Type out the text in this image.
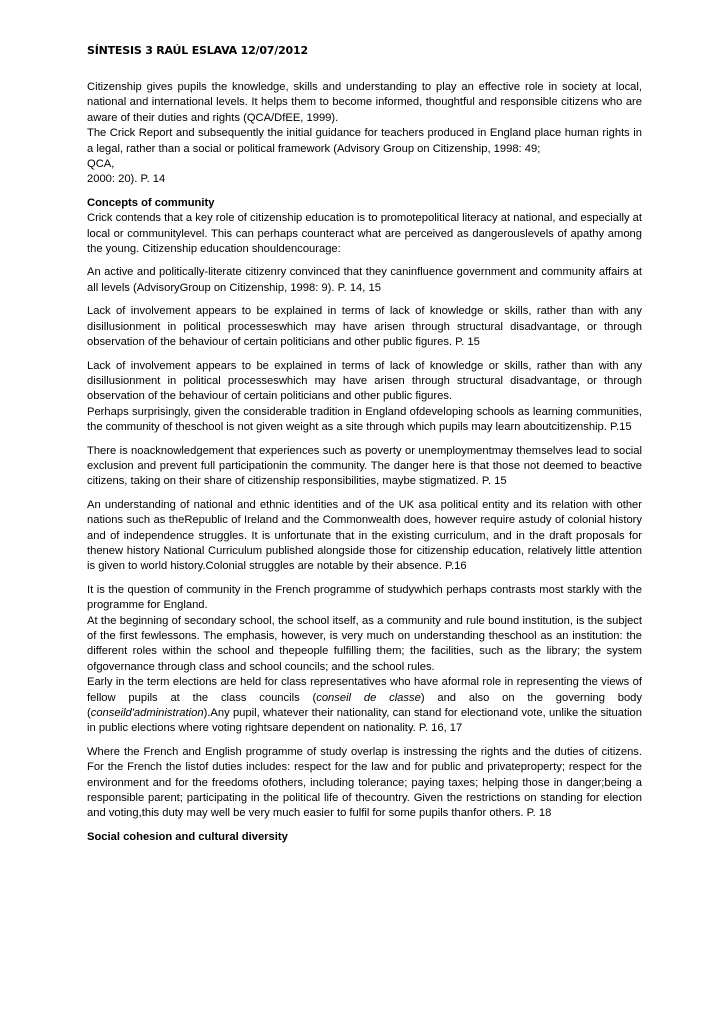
SÍNTESIS 3 RAÚL ESLAVA 12/07/2012

Citizenship gives pupils the knowledge, skills and understanding to play an effective role in society at local, national and international levels. It helps them to become informed, thoughtful and responsible citizens who are aware of their duties and rights (QCA/DfEE, 1999).

The Crick Report and subsequently the initial guidance for teachers produced in England place human rights in a legal, rather than a social or political framework (Advisory Group on Citizenship, 1998: 49;

QCA,

2000: 20). P. 14

Concepts of community

Crick contends that a key role of citizenship education is to promotepolitical literacy at national, and especially at local or communitylevel. This can perhaps counteract what are perceived as dangerouslevels of apathy among the young. Citizenship education shouldencourage:

An active and politically-literate citizenry convinced that they caninfluence government and community affairs at all levels (AdvisoryGroup on Citizenship, 1998: 9). P. 14, 15

Lack of involvement appears to be explained in terms of lack of knowledge or skills, rather than with any disillusionment in political processeswhich may have arisen through structural disadvantage, or through observation of the behaviour of certain politicians and other public figures. P. 15

Lack of involvement appears to be explained in terms of lack of knowledge or skills, rather than with any disillusionment in political processeswhich may have arisen through structural disadvantage, or through observation of the behaviour of certain politicians and other public figures.

Perhaps surprisingly, given the considerable tradition in England ofdeveloping schools as learning communities, the community of theschool is not given weight as a site through which pupils may learn aboutcitizenship. P.15

There is noacknowledgement that experiences such as poverty or unemploymentmay themselves lead to social exclusion and prevent full participationin the community. The danger here is that those not deemed to beactive citizens, taking on their share of citizenship responsibilities, maybe stigmatized. P. 15

An understanding of national and ethnic identities and of the UK asa political entity and its relation with other nations such as theRepublic of Ireland and the Commonwealth does, however require astudy of colonial history and of independence struggles. It is unfortunate that in the existing curriculum, and in the draft proposals for thenew history National Curriculum published alongside those for citizenship education, relatively little attention is given to world history.Colonial struggles are notable by their absence. P.16

It is the question of community in the French programme of studywhich perhaps contrasts most starkly with the programme for England.

At the beginning of secondary school, the school itself, as a community and rule bound institution, is the subject of the first fewlessons. The emphasis, however, is very much on understanding theschool as an institution: the different roles within the school and thepeople fulfilling them; the facilities, such as the library; the system ofgovernance through class and school councils; and the school rules.

Early in the term elections are held for class representatives who have aformal role in representing the views of fellow pupils at the class councils (conseil de classe) and also on the governing body (conseild'administration).Any pupil, whatever their nationality, can stand for electionand vote, unlike the situation in public elections where voting rightsare dependent on nationality. P. 16, 17

Where the French and English programme of study overlap is instressing the rights and the duties of citizens. For the French the listof duties includes: respect for the law and for public and privateproperty; respect for the environment and for the freedoms ofothers, including tolerance; paying taxes; helping those in danger;being a responsible parent; participating in the political life of thecountry. Given the restrictions on standing for election and voting,this duty may well be very much easier to fulfil for some pupils thanfor others. P. 18

Social cohesion and cultural diversity
